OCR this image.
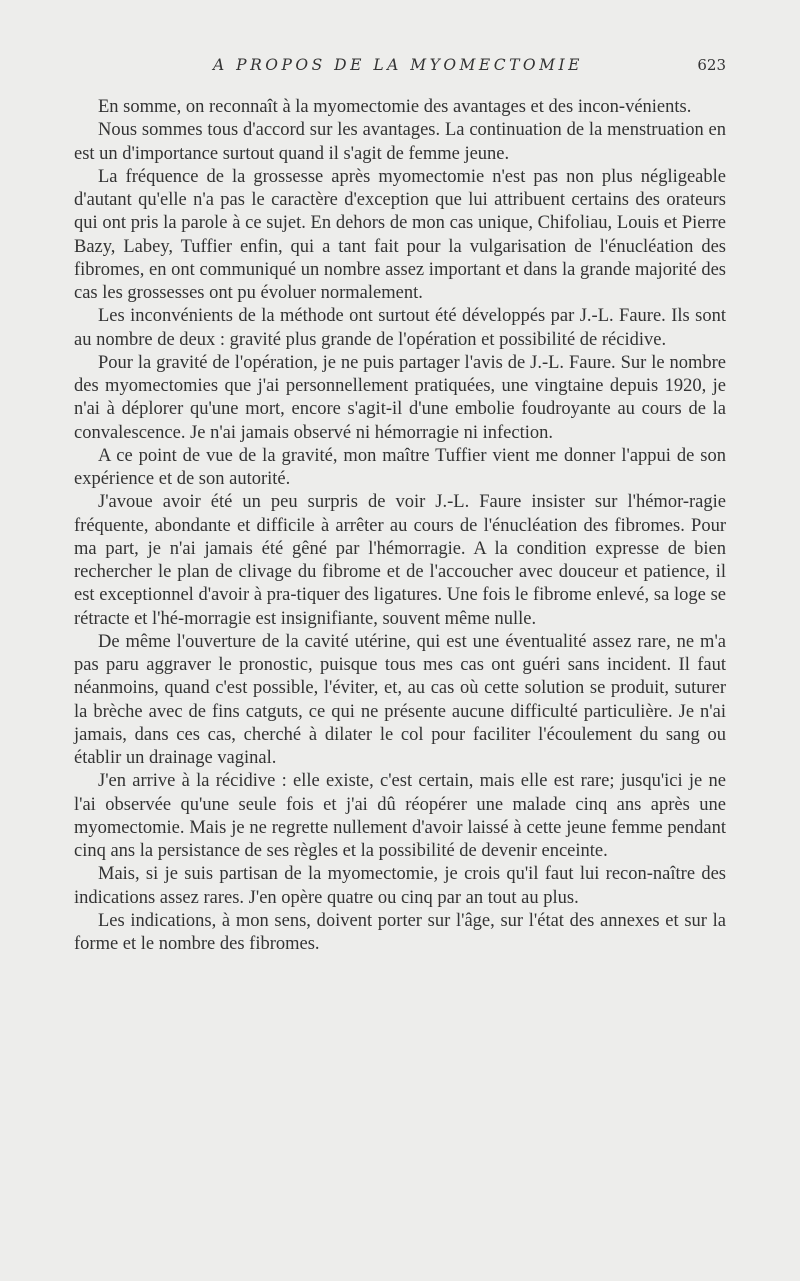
A PROPOS DE LA MYOMECTOMIE	623

En somme, on reconnaît à la myomectomie des avantages et des incon-vénients.

Nous sommes tous d'accord sur les avantages. La continuation de la menstruation en est un d'importance surtout quand il s'agit de femme jeune.

La fréquence de la grossesse après myomectomie n'est pas non plus négligeable d'autant qu'elle n'a pas le caractère d'exception que lui attribuent certains des orateurs qui ont pris la parole à ce sujet. En dehors de mon cas unique, Chifoliau, Louis et Pierre Bazy, Labey, Tuffier enfin, qui a tant fait pour la vulgarisation de l'énucléation des fibromes, en ont communiqué un nombre assez important et dans la grande majorité des cas les grossesses ont pu évoluer normalement.

Les inconvénients de la méthode ont surtout été développés par J.-L. Faure. Ils sont au nombre de deux : gravité plus grande de l'opération et possibilité de récidive.

Pour la gravité de l'opération, je ne puis partager l'avis de J.-L. Faure. Sur le nombre des myomectomies que j'ai personnellement pratiquées, une vingtaine depuis 1920, je n'ai à déplorer qu'une mort, encore s'agit-il d'une embolie foudroyante au cours de la convalescence. Je n'ai jamais observé ni hémorragie ni infection.

A ce point de vue de la gravité, mon maître Tuffier vient me donner l'appui de son expérience et de son autorité.

J'avoue avoir été un peu surpris de voir J.-L. Faure insister sur l'hémor-ragie fréquente, abondante et difficile à arrêter au cours de l'énucléation des fibromes. Pour ma part, je n'ai jamais été gêné par l'hémorragie. A la condition expresse de bien rechercher le plan de clivage du fibrome et de l'accoucher avec douceur et patience, il est exceptionnel d'avoir à pra-tiquer des ligatures. Une fois le fibrome enlevé, sa loge se rétracte et l'hé-morragie est insignifiante, souvent même nulle.

De même l'ouverture de la cavité utérine, qui est une éventualité assez rare, ne m'a pas paru aggraver le pronostic, puisque tous mes cas ont guéri sans incident. Il faut néanmoins, quand c'est possible, l'éviter, et, au cas où cette solution se produit, suturer la brèche avec de fins catguts, ce qui ne présente aucune difficulté particulière. Je n'ai jamais, dans ces cas, cherché à dilater le col pour faciliter l'écoulement du sang ou établir un drainage vaginal.

J'en arrive à la récidive : elle existe, c'est certain, mais elle est rare; jusqu'ici je ne l'ai observée qu'une seule fois et j'ai dû réopérer une malade cinq ans après une myomectomie. Mais je ne regrette nullement d'avoir laissé à cette jeune femme pendant cinq ans la persistance de ses règles et la possibilité de devenir enceinte.

Mais, si je suis partisan de la myomectomie, je crois qu'il faut lui recon-naître des indications assez rares. J'en opère quatre ou cinq par an tout au plus.

Les indications, à mon sens, doivent porter sur l'âge, sur l'état des annexes et sur la forme et le nombre des fibromes.
